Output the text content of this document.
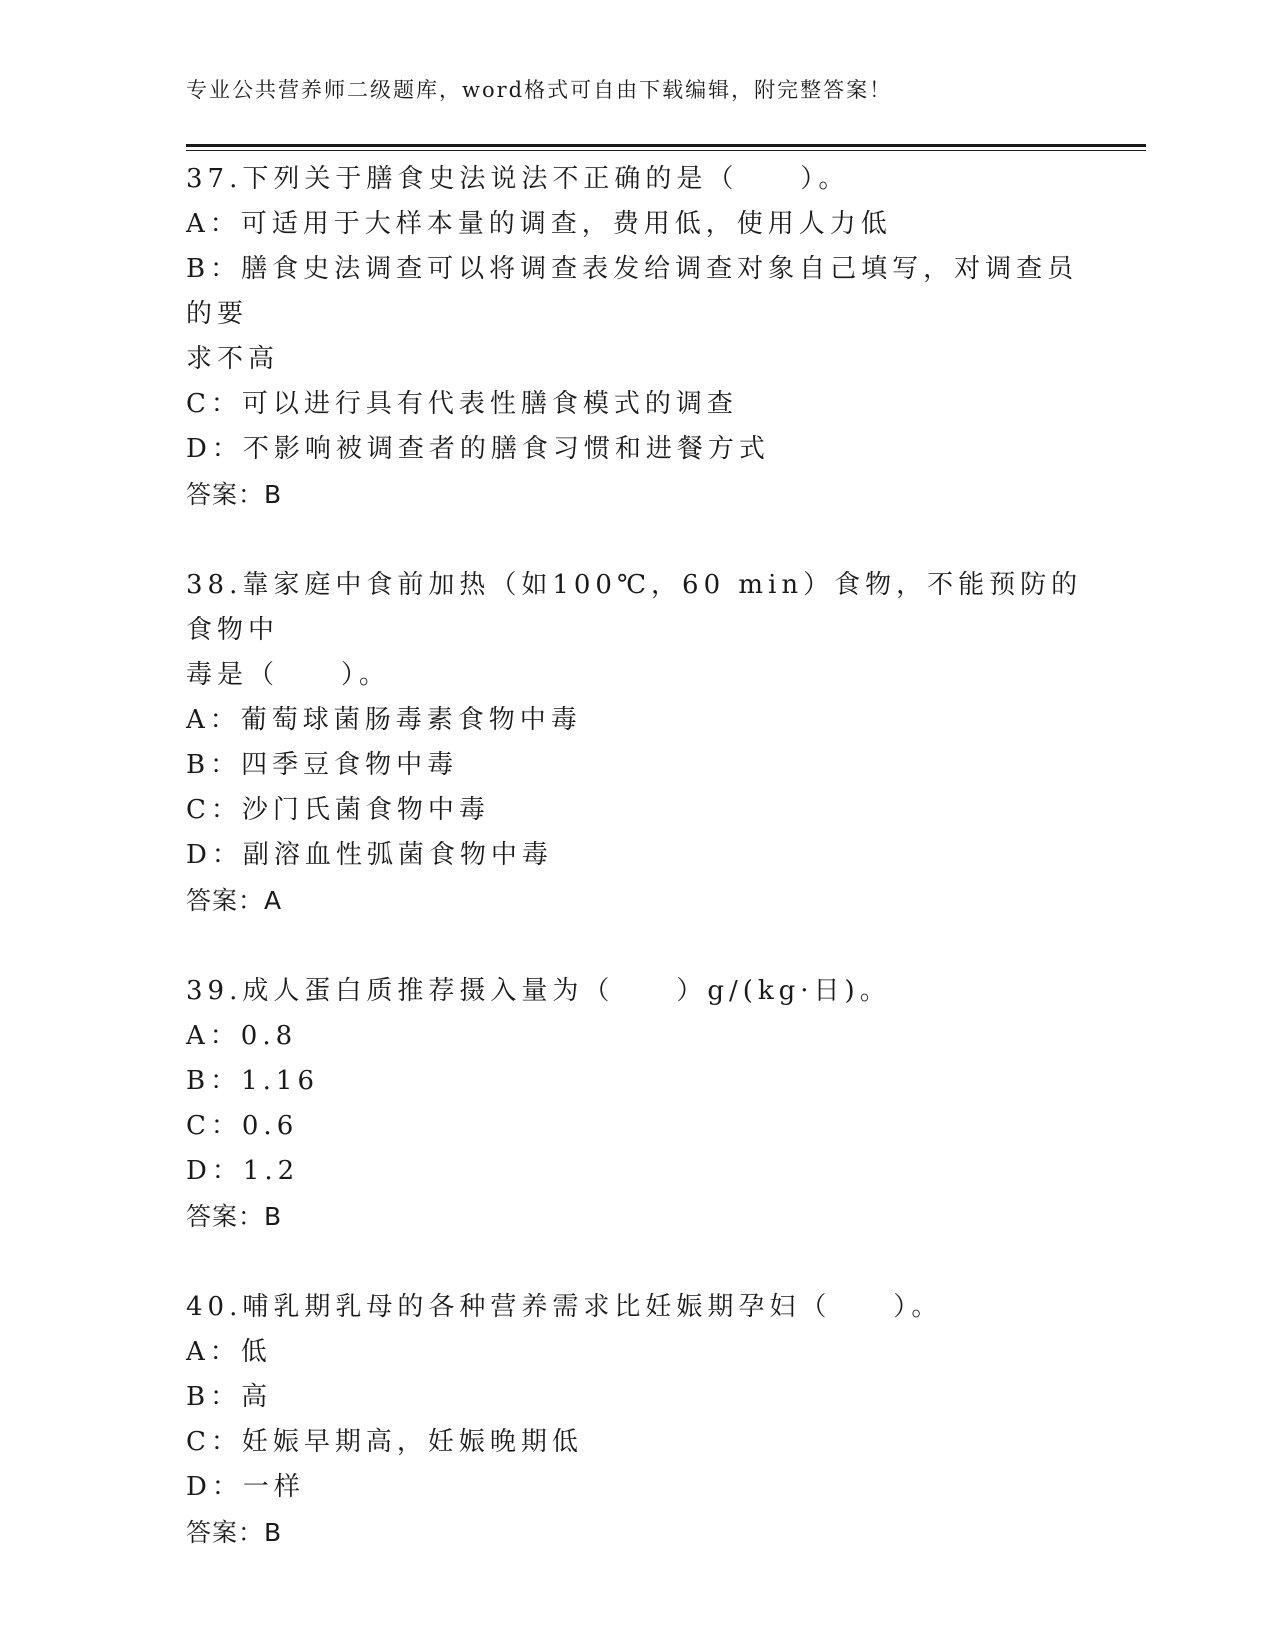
专业公共营养师二级题库，word格式可自由下载编辑，附完整答案！
37.下列关于膳食史法说法不正确的是（　　）。
A：可适用于大样本量的调查，费用低，使用人力低
B：膳食史法调查可以将调查表发给调查对象自己填写，对调查员的要
求不高
C：可以进行具有代表性膳食模式的调查
D：不影响被调查者的膳食习惯和进餐方式
答案：B
38.靠家庭中食前加热（如100℃，60 min）食物，不能预防的食物中
毒是（　　）。
A：葡萄球菌肠毒素食物中毒
B：四季豆食物中毒
C：沙门氏菌食物中毒
D：副溶血性弧菌食物中毒
答案：A
39.成人蛋白质推荐摄入量为（　　）g/(kg·日)。
A：0.8
B：1.16
C：0.6
D：1.2
答案：B
40.哺乳期乳母的各种营养需求比妊娠期孕妇（　　）。
A：低
B：高
C：妊娠早期高，妊娠晚期低
D：一样
答案：B
